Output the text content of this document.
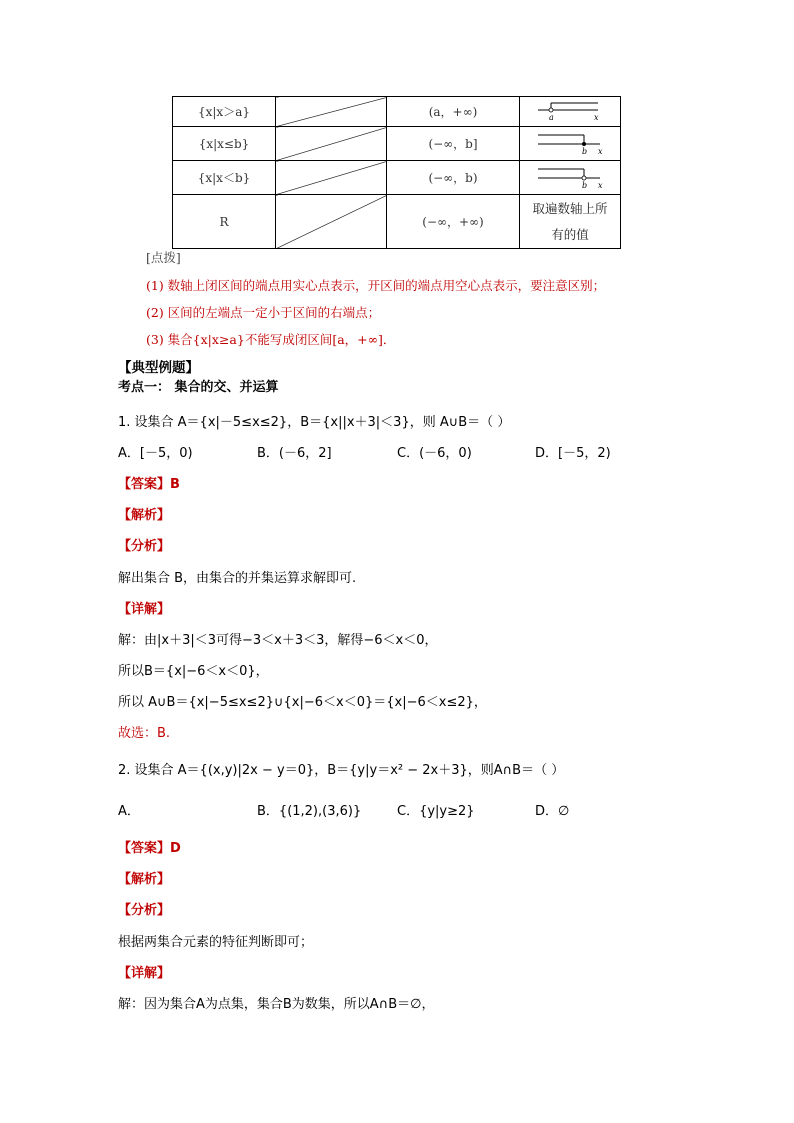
{x|x＞a}		(a，+∞)	a x

{x|x≤b}		(−∞，b]	b x

{x|x＜b}		(−∞，b)	b x

R		(−∞，+∞)	取遍数轴上所
有的值
[点拨]
(1) 数轴上闭区间的端点用实心点表示，开区间的端点用空心点表示，要注意区别；
(2) 区间的左端点一定小于区间的右端点；
(3) 集合{x|x≥a}不能写成闭区间[a，+∞]．
【典型例题】
考点一： 集合的交、并运算
1. 设集合 A＝{x|－5≤x≤2}，B＝{x||x＋3|＜3}，则 A∪B＝（ ）
A．[－5，0)	B．(－6，2]	C．(－6，0)	D．[－5，2)
【答案】B
【解析】
【分析】
解出集合 B，由集合的并集运算求解即可.
【详解】
解：由|x＋3|＜3可得−3＜x＋3＜3，解得−6＜x＜0，
所以B＝{x|−6＜x＜0}，
所以 A∪B＝{x|−5≤x≤2}∪{x|−6＜x＜0}＝{x|−6＜x≤2}，
故选：B.
2. 设集合 A＝{(x,y)|2x − y＝0}，B＝{y|y＝x² − 2x＋3}，则A∩B＝（ ）
A．	B．{(1,2),(3,6)}	C．{y|y≥2}	D．∅
【答案】D
【解析】
【分析】
根据两集合元素的特征判断即可；
【详解】
解：因为集合A为点集，集合B为数集，所以A∩B＝∅，
